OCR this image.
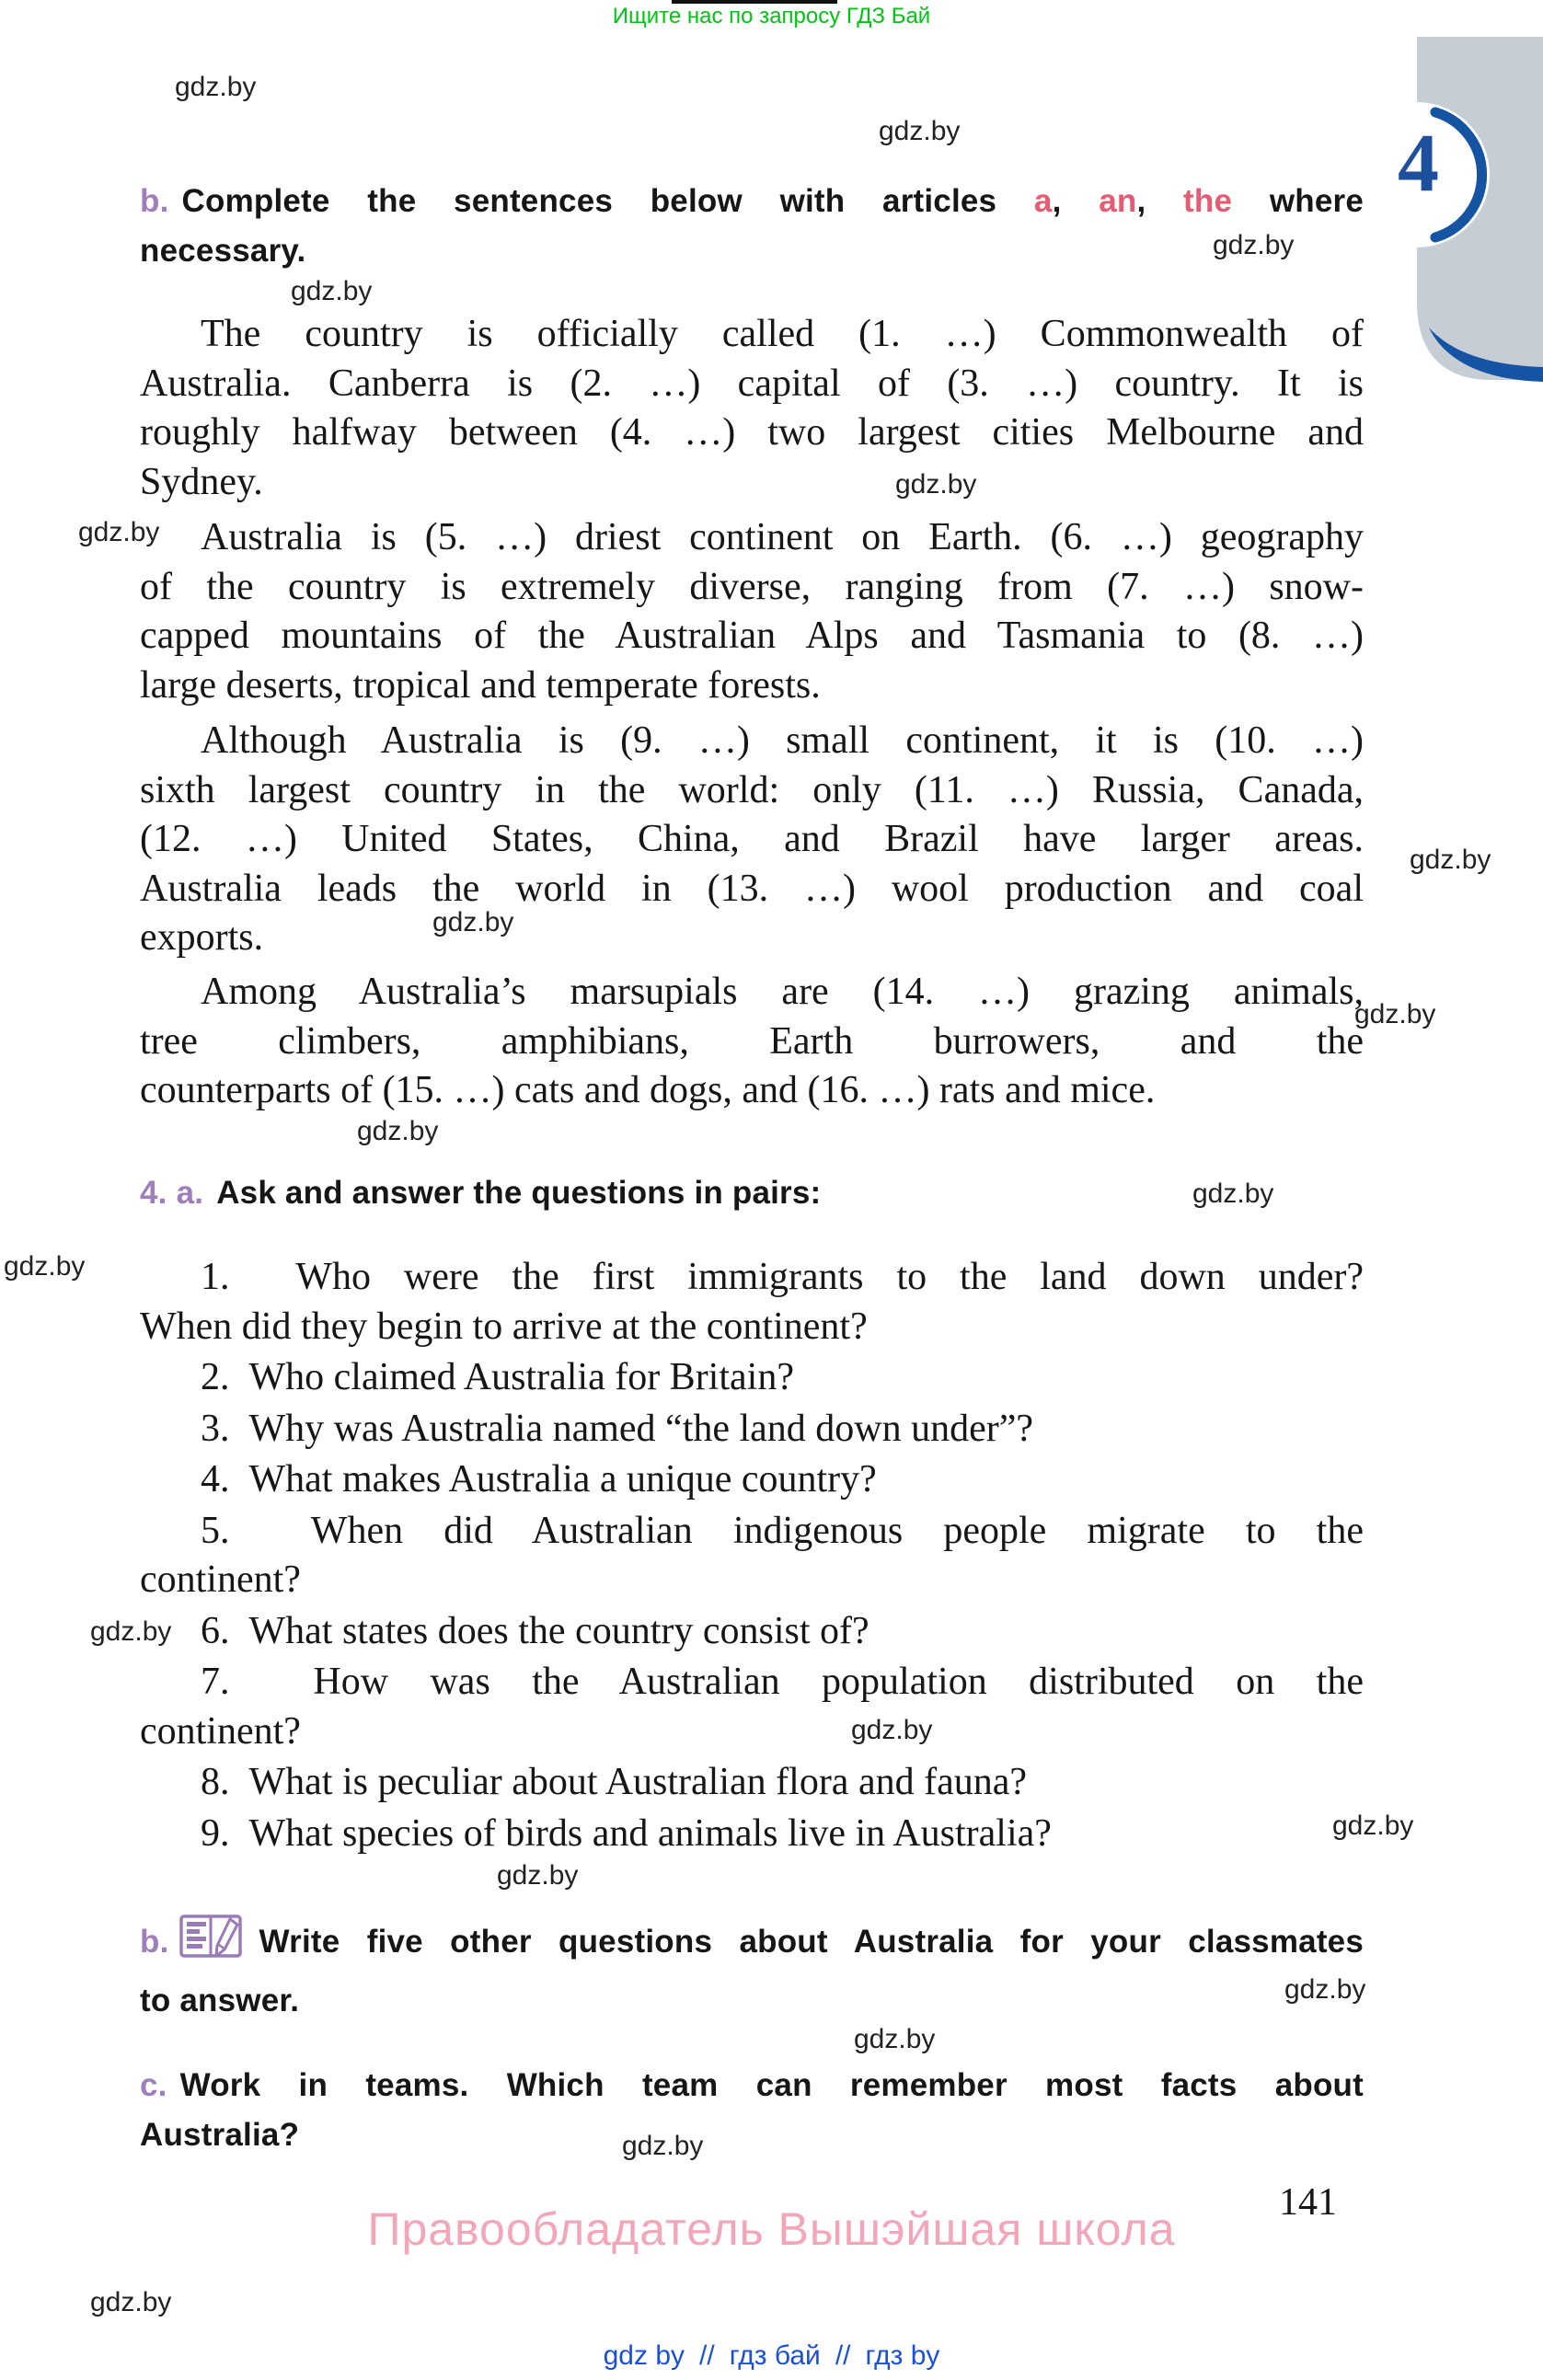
Ищите нас по запросу ГДЗ Бай
4
b. Complete the sentences below with articles a, an, the where
necessary.
The country is officially called (1. …) Commonwealth of
Australia. Canberra is (2. …) capital of (3. …) country. It is
roughly halfway between (4. …) two largest cities Melbourne and
Sydney.
Australia is (5. …) driest continent on Earth. (6. …) geography
of the country is extremely diverse, ranging from (7. …) snow-
capped mountains of the Australian Alps and Tasmania to (8. …)
large deserts, tropical and temperate forests.
Although Australia is (9. …) small continent, it is (10. …)
sixth largest country in the world: only (11. …) Russia, Canada,
(12. …) United States, China, and Brazil have larger areas.
Australia leads the world in (13. …) wool production and coal
exports.
Among Australia’s marsupials are (14. …) grazing animals,
tree climbers, amphibians, Earth burrowers, and the
counterparts of (15. …) cats and dogs, and (16. …) rats and mice.
4. a. Ask and answer the questions in pairs:
1.  Who were the first immigrants to the land down under?
When did they begin to arrive at the continent?
2.  Who claimed Australia for Britain?
3.  Why was Australia named “the land down under”?
4.  What makes Australia a unique country?
5.  When did Australian indigenous people migrate to the
continent?
6.  What states does the country consist of?
7.  How was the Australian population distributed on the
continent?
8.  What is peculiar about Australian flora and fauna?
9.  What species of birds and animals live in Australia?
b.	Write five other questions about Australia for your classmates
to answer.
c. Work in teams. Which team can remember most facts about
Australia?
141
Правообладатель Вышэйшая школа
gdz by // гдз бай // гдз by
gdz.by
gdz.by
gdz.by
gdz.by
gdz.by
gdz.by
gdz.by
gdz.by
gdz.by
gdz.by
gdz.by
gdz.by
gdz.by
gdz.by
gdz.by
gdz.by
gdz.by
gdz.by
gdz.by
gdz.by
